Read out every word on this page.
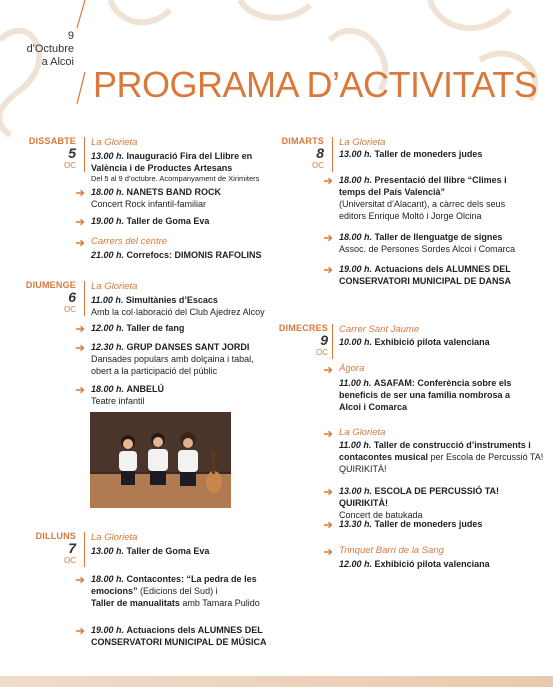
9
d'Octubre
a Alcoi
PROGRAMA D’ACTIVITATS
DISSABTE
5
OC
La Glorieta
13.00 h. Inauguració Fira del Llibre en València i de Productes Artesans
Del 5 al 9 d’octubre. Acompanyament de Xirimiters
18.00 h. NANETS BAND ROCK
Concert Rock infantil-familiar
19.00 h. Taller de Goma Eva
Carrers del centre
21.00 h. Correfocs: DIMONIS RAFOLINS
DIUMENGE
6
OC
La Glorieta
11.00 h. Simultànies d’Escacs
Amb la col·laboració del Club Ajedrez Alcoy
12.00 h. Taller de fang
12.30 h. GRUP DANSES SANT JORDI
Dansades populars amb dolçaina i tabal, obert a la participació del públic
18.00 h. ANBELÚ
Teatre infantil
DILLUNS
7
OC
La Glorieta
13.00 h. Taller de Goma Eva
18.00 h. Contacontes: “La pedra de les emocions” (Edicions del Sud) i
Taller de manualitats amb Tamara Pulido
19.00 h. Actuacions dels ALUMNES DEL CONSERVATORI MUNICIPAL DE MÚSICA
DIMARTS
8
OC
La Glorieta
13.00 h. Taller de moneders judes
18.00 h. Presentació del llibre “Climes i temps del País Valencià”
(Universitat d’Alacant), a càrrec dels seus editors Enrique Moltó i Jorge Olcina
18.00 h. Taller de llenguatge de signes
Assoc. de Persones Sordes Alcoi i Comarca
19.00 h. Actuacions dels ALUMNES DEL CONSERVATORI MUNICIPAL DE DANSA
DIMECRES
9
OC
Carrer Sant Jaume
10.00 h. Exhibició pilota valenciana
Àgora
11.00 h. ASAFAM: Conferència sobre els beneficis de ser una família nombrosa a Alcoi i Comarca
La Glorieta
11.00 h. Taller de construcció d’instruments i contacontes musical per Escola de Percussió TA! QUIRIKITÀ!
13.00 h. ESCOLA DE PERCUSSIÓ TA! QUIRIKITÀ!
Concert de batukada
13.30 h. Taller de moneders judes
Trinquet Barri de la Sang
12.00 h. Exhibició pilota valenciana
